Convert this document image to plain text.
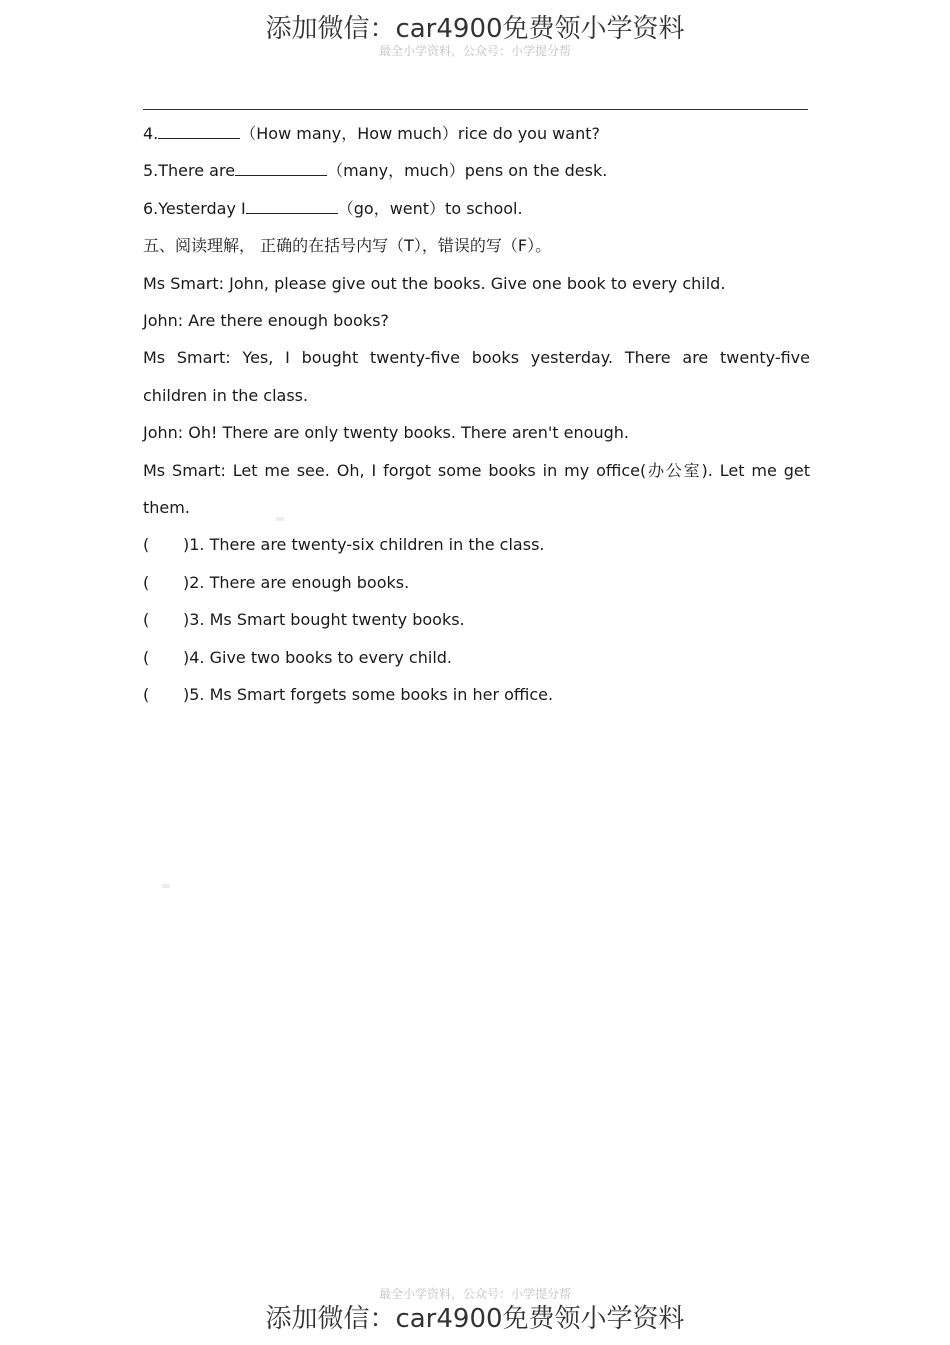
添加微信：car4900免费领小学资料
最全小学资料，公众号：小学提分帮
4.	（How many，How much）rice do you want?
5.There are	（many，much）pens on the desk.
6.Yesterday I	（go，went）to school.
五、阅读理解， 正确的在括号内写（T），错误的写（F）。
Ms Smart: John, please give out the books. Give one book to every child.
John: Are there enough books?
Ms Smart: Yes, I bought twenty-five books yesterday. There are twenty-five
children in the class.
John: Oh! There are only twenty books. There aren't enough.
Ms Smart: Let me see. Oh, I forgot some books in my office(办公室). Let me get
them.
( )1. There are twenty-six children in the class.
( )2. There are enough books.
( )3. Ms Smart bought twenty books.
( )4. Give two books to every child.
( )5. Ms Smart forgets some books in her office.
最全小学资料，公众号：小学提分帮
添加微信：car4900免费领小学资料
